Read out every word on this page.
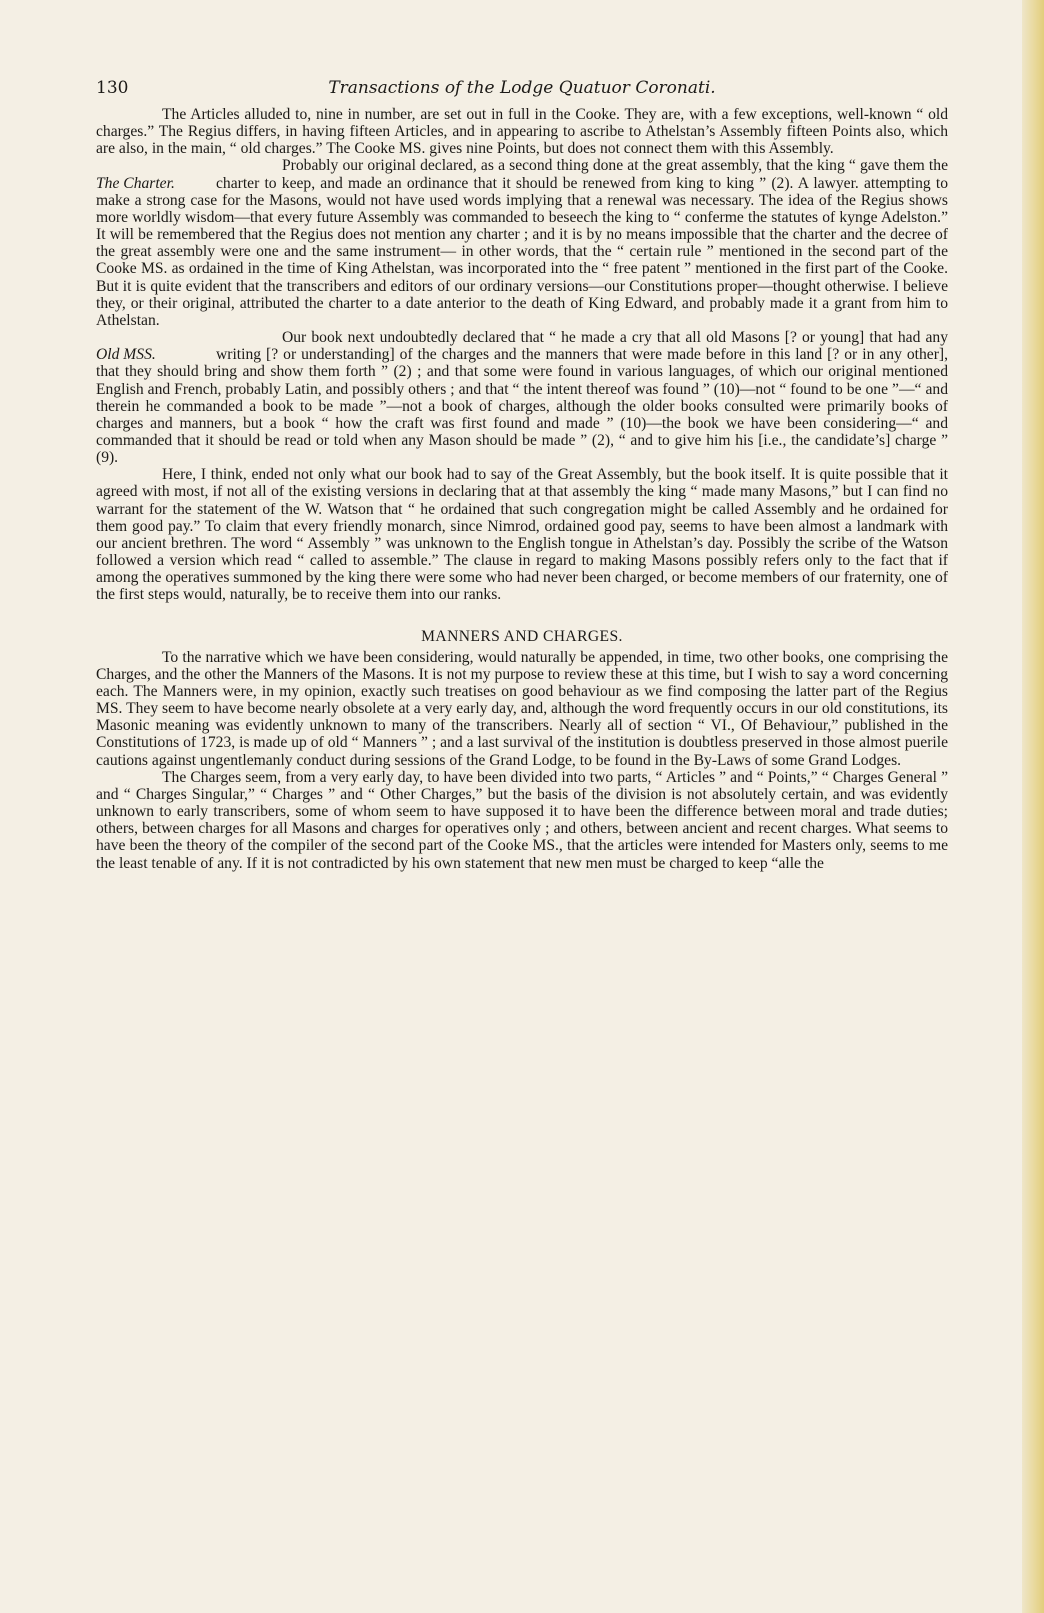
130	Transactions of the Lodge Quatuor Coronati.

The Articles alluded to, nine in number, are set out in full in the Cooke. They are, with a few exceptions, well-known “ old charges.” The Regius differs, in having fifteen Articles, and in appearing to ascribe to Athelstan’s Assembly fifteen Points also, which are also, in the main, “ old charges.” The Cooke MS. gives nine Points, but does not connect them with this Assembly.

The Charter.

Probably our original declared, as a second thing done at the great assembly, that the king “ gave them the charter to keep, and made an ordinance that it should be renewed from king to king ” (2). A lawyer. attempting to make a strong case for the Masons, would not have used words implying that a renewal was necessary. The idea of the Regius shows more worldly wisdom—that every future Assembly was commanded to beseech the king to “ conferme the statutes of kynge Adelston.” It will be remembered that the Regius does not mention any charter ; and it is by no means impossible that the charter and the decree of the great assembly were one and the same instrument— in other words, that the “ certain rule ” mentioned in the second part of the Cooke MS. as ordained in the time of King Athelstan, was incorporated into the “ free patent ” mentioned in the first part of the Cooke. But it is quite evident that the transcribers and editors of our ordinary versions—our Constitutions proper—thought otherwise. I believe they, or their original, attributed the charter to a date anterior to the death of King Edward, and probably made it a grant from him to Athelstan.

Old MSS.

Our book next undoubtedly declared that “ he made a cry that all old Masons [? or young] that had any writing [? or understanding] of the charges and the manners that were made before in this land [? or in any other], that they should bring and show them forth ” (2) ; and that some were found in various languages, of which our original mentioned English and French, probably Latin, and possibly others ; and that “ the intent thereof was found ” (10)—not “ found to be one ”—“ and therein he commanded a book to be made ”—not a book of charges, although the older books consulted were primarily books of charges and manners, but a book “ how the craft was first found and made ” (10)—the book we have been considering—“ and commanded that it should be read or told when any Mason should be made ” (2), “ and to give him his [i.e., the candidate’s] charge ” (9).

Here, I think, ended not only what our book had to say of the Great Assembly, but the book itself. It is quite possible that it agreed with most, if not all of the existing versions in declaring that at that assembly the king “ made many Masons,” but I can find no warrant for the statement of the W. Watson that “ he ordained that such congregation might be called Assembly and he ordained for them good pay.” To claim that every friendly monarch, since Nimrod, ordained good pay, seems to have been almost a landmark with our ancient brethren. The word “ Assembly ” was unknown to the English tongue in Athelstan’s day. Possibly the scribe of the Watson followed a version which read “ called to assemble.” The clause in regard to making Masons possibly refers only to the fact that if among the operatives summoned by the king there were some who had never been charged, or become members of our fraternity, one of the first steps would, naturally, be to receive them into our ranks.

MANNERS AND CHARGES.

To the narrative which we have been considering, would naturally be appended, in time, two other books, one comprising the Charges, and the other the Manners of the Masons. It is not my purpose to review these at this time, but I wish to say a word concerning each. The Manners were, in my opinion, exactly such treatises on good behaviour as we find composing the latter part of the Regius MS. They seem to have become nearly obsolete at a very early day, and, although the word frequently occurs in our old constitutions, its Masonic meaning was evidently unknown to many of the transcribers. Nearly all of section “ VI., Of Behaviour,” published in the Constitutions of 1723, is made up of old “ Manners ” ; and a last survival of the institution is doubtless preserved in those almost puerile cautions against ungentlemanly conduct during sessions of the Grand Lodge, to be found in the By-Laws of some Grand Lodges.

The Charges seem, from a very early day, to have been divided into two parts, “ Articles ” and “ Points,” “ Charges General ” and “ Charges Singular,” “ Charges ” and “ Other Charges,” but the basis of the division is not absolutely certain, and was evidently unknown to early transcribers, some of whom seem to have supposed it to have been the difference between moral and trade duties; others, between charges for all Masons and charges for operatives only ; and others, between ancient and recent charges. What seems to have been the theory of the compiler of the second part of the Cooke MS., that the articles were intended for Masters only, seems to me the least tenable of any. If it is not contradicted by his own statement that new men must be charged to keep “alle the
